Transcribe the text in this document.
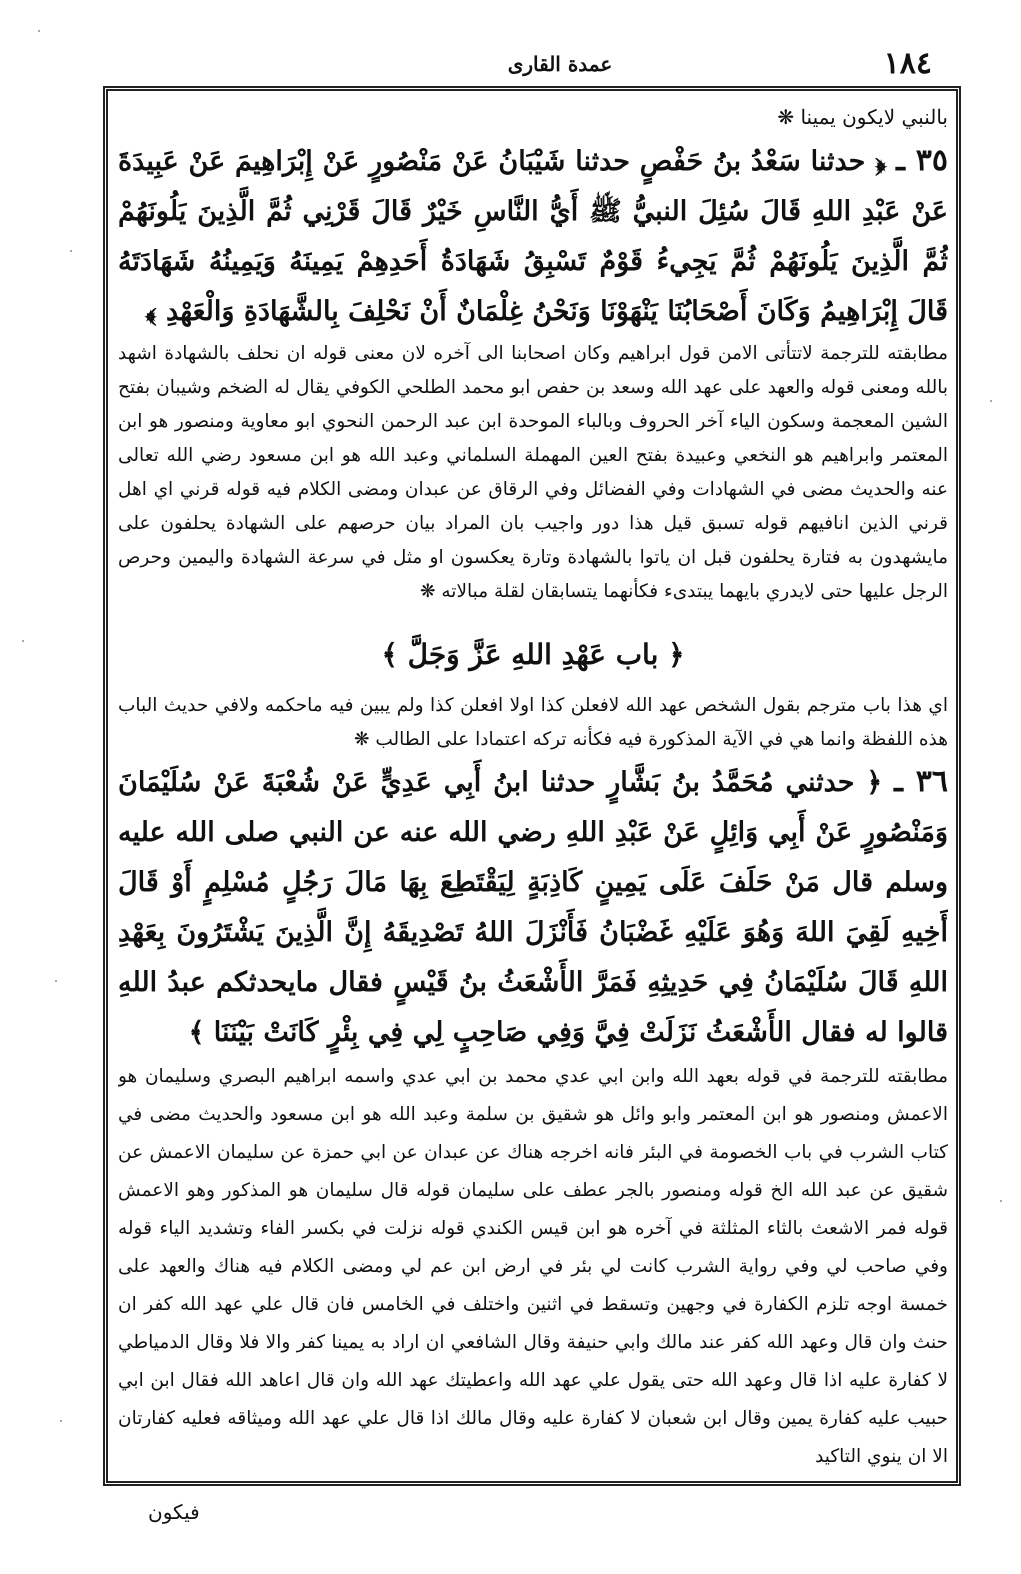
عمدة القاری	١٨٤

بالنبي لايكون يمينا ❋

٣٥ ـ ﴿ حدثنا سَعْدُ بنُ حَفْصٍ حدثنا شَيْبَانُ عَنْ مَنْصُورٍ عَنْ إِبْرَاهِيمَ عَنْ عَبِيدَةَ عَنْ عَبْدِ اللهِ قَالَ سُئِلَ النبيُّ ﷺ أَيُّ النَّاسِ خَيْرٌ قَالَ قَرْنِي ثُمَّ الَّذِينَ يَلُونَهُمْ ثُمَّ الَّذِينَ يَلُونَهُمْ ثُمَّ يَجِيءُ قَوْمٌ تَسْبِقُ شَهَادَةُ أَحَدِهِمْ يَمِينَهُ وَيَمِينُهُ شَهَادَتَهُ قَالَ إِبْرَاهِيمُ وَكَانَ أَصْحَابُنَا يَنْهَوْنَا وَنَحْنُ غِلْمَانٌ أَنْ نَحْلِفَ بِالشَّهَادَةِ وَالْعَهْدِ ﴾

مطابقته للترجمة لاتتأتى الامن قول ابراهيم وكان اصحابنا الى آخره لان معنى قوله ان نحلف بالشهادة اشهد بالله ومعنى قوله والعهد على عهد الله وسعد بن حفص ابو محمد الطلحي الكوفي يقال له الضخم وشيبان بفتح الشين المعجمة وسكون الياء آخر الحروف وبالباء الموحدة ابن عبد الرحمن النحوي ابو معاوية ومنصور هو ابن المعتمر وابراهيم هو النخعي وعبيدة بفتح العين المهملة السلماني وعبد الله هو ابن مسعود رضي الله تعالى عنه والحديث مضى في الشهادات وفي الفضائل وفي الرقاق عن عبدان ومضى الكلام فيه قوله قرني اي اهل قرني الذين انافيهم قوله تسبق قيل هذا دور واجيب بان المراد بيان حرصهم على الشهادة يحلفون على مايشهدون به فتارة يحلفون قبل ان ياتوا بالشهادة وتارة يعكسون او مثل في سرعة الشهادة واليمين وحرص الرجل عليها حتى لايدري بايهما يبتدىء فكأنهما يتسابقان لقلة مبالاته ❋

﴿ باب عَهْدِ اللهِ عَزَّ وَجَلَّ ﴾

اي هذا باب مترجم بقول الشخص عهد الله لافعلن كذا اولا افعلن كذا ولم يبين فيه ماحكمه ولافي حديث الباب هذه اللفظة وانما هي في الآية المذكورة فيه فكأنه تركه اعتمادا على الطالب ❋

٣٦ ـ ﴿ حدثني مُحَمَّدُ بنُ بَشَّارٍ حدثنا ابنُ أَبِي عَدِيٍّ عَنْ شُعْبَةَ عَنْ سُلَيْمَانَ وَمَنْصُورٍ عَنْ أَبِي وَائِلٍ عَنْ عَبْدِ اللهِ رضي الله عنه عن النبي صلى الله عليه وسلم قال مَنْ حَلَفَ عَلَى يَمِينٍ كَاذِبَةٍ لِيَقْتَطِعَ بِهَا مَالَ رَجُلٍ مُسْلِمٍ أَوْ قَالَ أَخِيهِ لَقِيَ اللهَ وَهُوَ عَلَيْهِ غَضْبَانُ فَأَنْزَلَ اللهُ تَصْدِيقَهُ إِنَّ الَّذِينَ يَشْتَرُونَ بِعَهْدِ اللهِ قَالَ سُلَيْمَانُ فِي حَدِيثِهِ فَمَرَّ الأَشْعَثُ بنُ قَيْسٍ فقال مايحدثكم عبدُ اللهِ قالوا له فقال الأَشْعَثُ نَزَلَتْ فِيَّ وَفِي صَاحِبٍ لِي فِي بِئْرٍ كَانَتْ بَيْنَنَا ﴾

مطابقته للترجمة في قوله بعهد الله وابن ابي عدي محمد بن ابي عدي واسمه ابراهيم البصري وسليمان هو الاعمش ومنصور هو ابن المعتمر وابو وائل هو شقيق بن سلمة وعبد الله هو ابن مسعود والحديث مضى في كتاب الشرب في باب الخصومة في البئر فانه اخرجه هناك عن عبدان عن ابي حمزة عن سليمان الاعمش عن شقيق عن عبد الله الخ قوله ومنصور بالجر عطف على سليمان قوله قال سليمان هو المذكور وهو الاعمش قوله فمر الاشعث بالثاء المثلثة في آخره هو ابن قيس الكندي قوله نزلت في بكسر الفاء وتشديد الياء قوله وفي صاحب لي وفي رواية الشرب كانت لي بئر في ارض ابن عم لي ومضى الكلام فيه هناك والعهد على خمسة اوجه تلزم الكفارة في وجهين وتسقط في اثنين واختلف في الخامس فان قال علي عهد الله كفر ان حنث وان قال وعهد الله كفر عند مالك وابي حنيفة وقال الشافعي ان اراد به يمينا كفر والا فلا وقال الدمياطي لا كفارة عليه اذا قال وعهد الله حتى يقول علي عهد الله واعطيتك عهد الله وان قال اعاهد الله فقال ابن ابي حبيب عليه كفارة يمين وقال ابن شعبان لا كفارة عليه وقال مالك اذا قال علي عهد الله وميثاقه فعليه كفارتان الا ان ينوي التاكيد

فيكون
